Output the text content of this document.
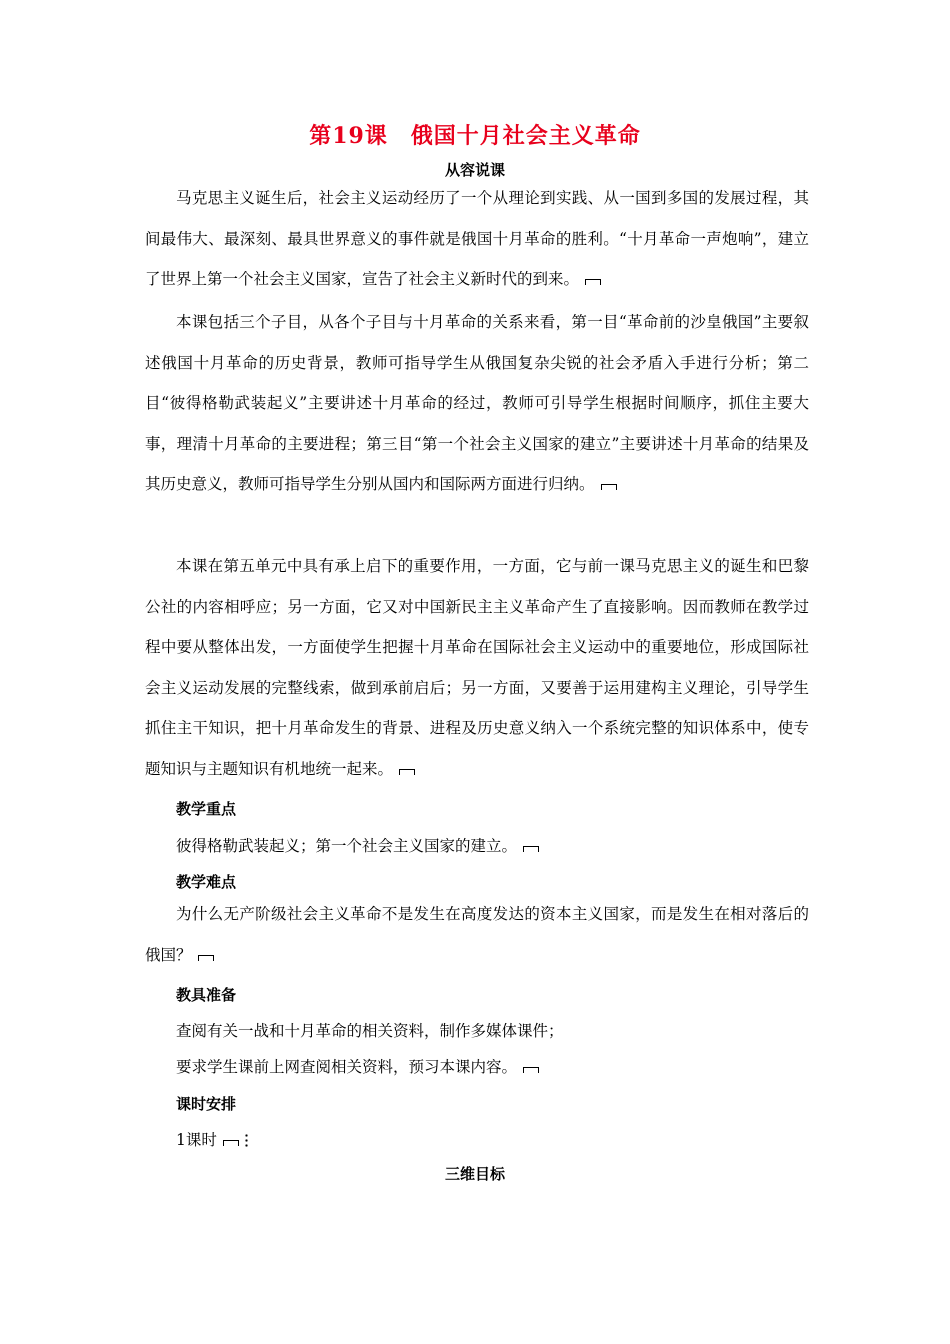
第19课　俄国十月社会主义革命
从容说课

马克思主义诞生后，社会主义运动经历了一个从理论到实践、从一国到多国的发展过程，其间最伟大、最深刻、最具世界意义的事件就是俄国十月革命的胜利。“十月革命一声炮响”，建立了世界上第一个社会主义国家，宣告了社会主义新时代的到来。

本课包括三个子目，从各个子目与十月革命的关系来看，第一目“革命前的沙皇俄国”主要叙述俄国十月革命的历史背景，教师可指导学生从俄国复杂尖锐的社会矛盾入手进行分析；第二目“彼得格勒武装起义”主要讲述十月革命的经过，教师可引导学生根据时间顺序，抓住主要大事，理清十月革命的主要进程；第三目“第一个社会主义国家的建立”主要讲述十月革命的结果及其历史意义，教师可指导学生分别从国内和国际两方面进行归纳。

本课在第五单元中具有承上启下的重要作用，一方面，它与前一课马克思主义的诞生和巴黎公社的内容相呼应；另一方面，它又对中国新民主主义革命产生了直接影响。因而教师在教学过程中要从整体出发，一方面使学生把握十月革命在国际社会主义运动中的重要地位，形成国际社会主义运动发展的完整线索，做到承前启后；另一方面，又要善于运用建构主义理论，引导学生抓住主干知识，把十月革命发生的背景、进程及历史意义纳入一个系统完整的知识体系中，使专题知识与主题知识有机地统一起来。

教学重点
彼得格勒武装起义；第一个社会主义国家的建立。
教学难点

为什么无产阶级社会主义革命不是发生在高度发达的资本主义国家，而是发生在相对落后的俄国？

教具准备
查阅有关一战和十月革命的相关资料，制作多媒体课件；
要求学生课前上网查阅相关资料，预习本课内容。
课时安排
1课时
三维目标
